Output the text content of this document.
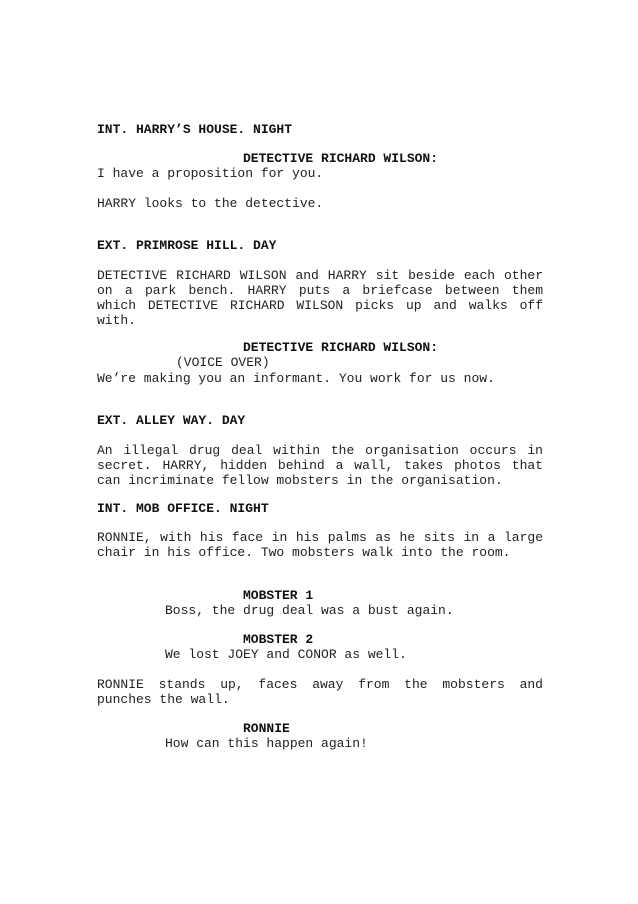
INT. HARRY’S HOUSE. NIGHT
DETECTIVE RICHARD WILSON:
I have a proposition for you.
HARRY looks to the detective.
EXT. PRIMROSE HILL. DAY
DETECTIVE RICHARD WILSON and HARRY sit beside each other
on a park bench. HARRY puts a briefcase between them
which DETECTIVE RICHARD WILSON picks up and walks off
with.
DETECTIVE RICHARD WILSON:
(VOICE OVER)
We’re making you an informant. You work for us now.
EXT. ALLEY WAY. DAY
An illegal drug deal within the organisation occurs in
secret. HARRY, hidden behind a wall, takes photos that
can incriminate fellow mobsters in the organisation.
INT. MOB OFFICE. NIGHT
RONNIE, with his face in his palms as he sits in a large
chair in his office. Two mobsters walk into the room.
MOBSTER 1
Boss, the drug deal was a bust again.
MOBSTER 2
We lost JOEY and CONOR as well.
RONNIE stands up, faces away from the mobsters and
punches the wall.
RONNIE
How can this happen again!
